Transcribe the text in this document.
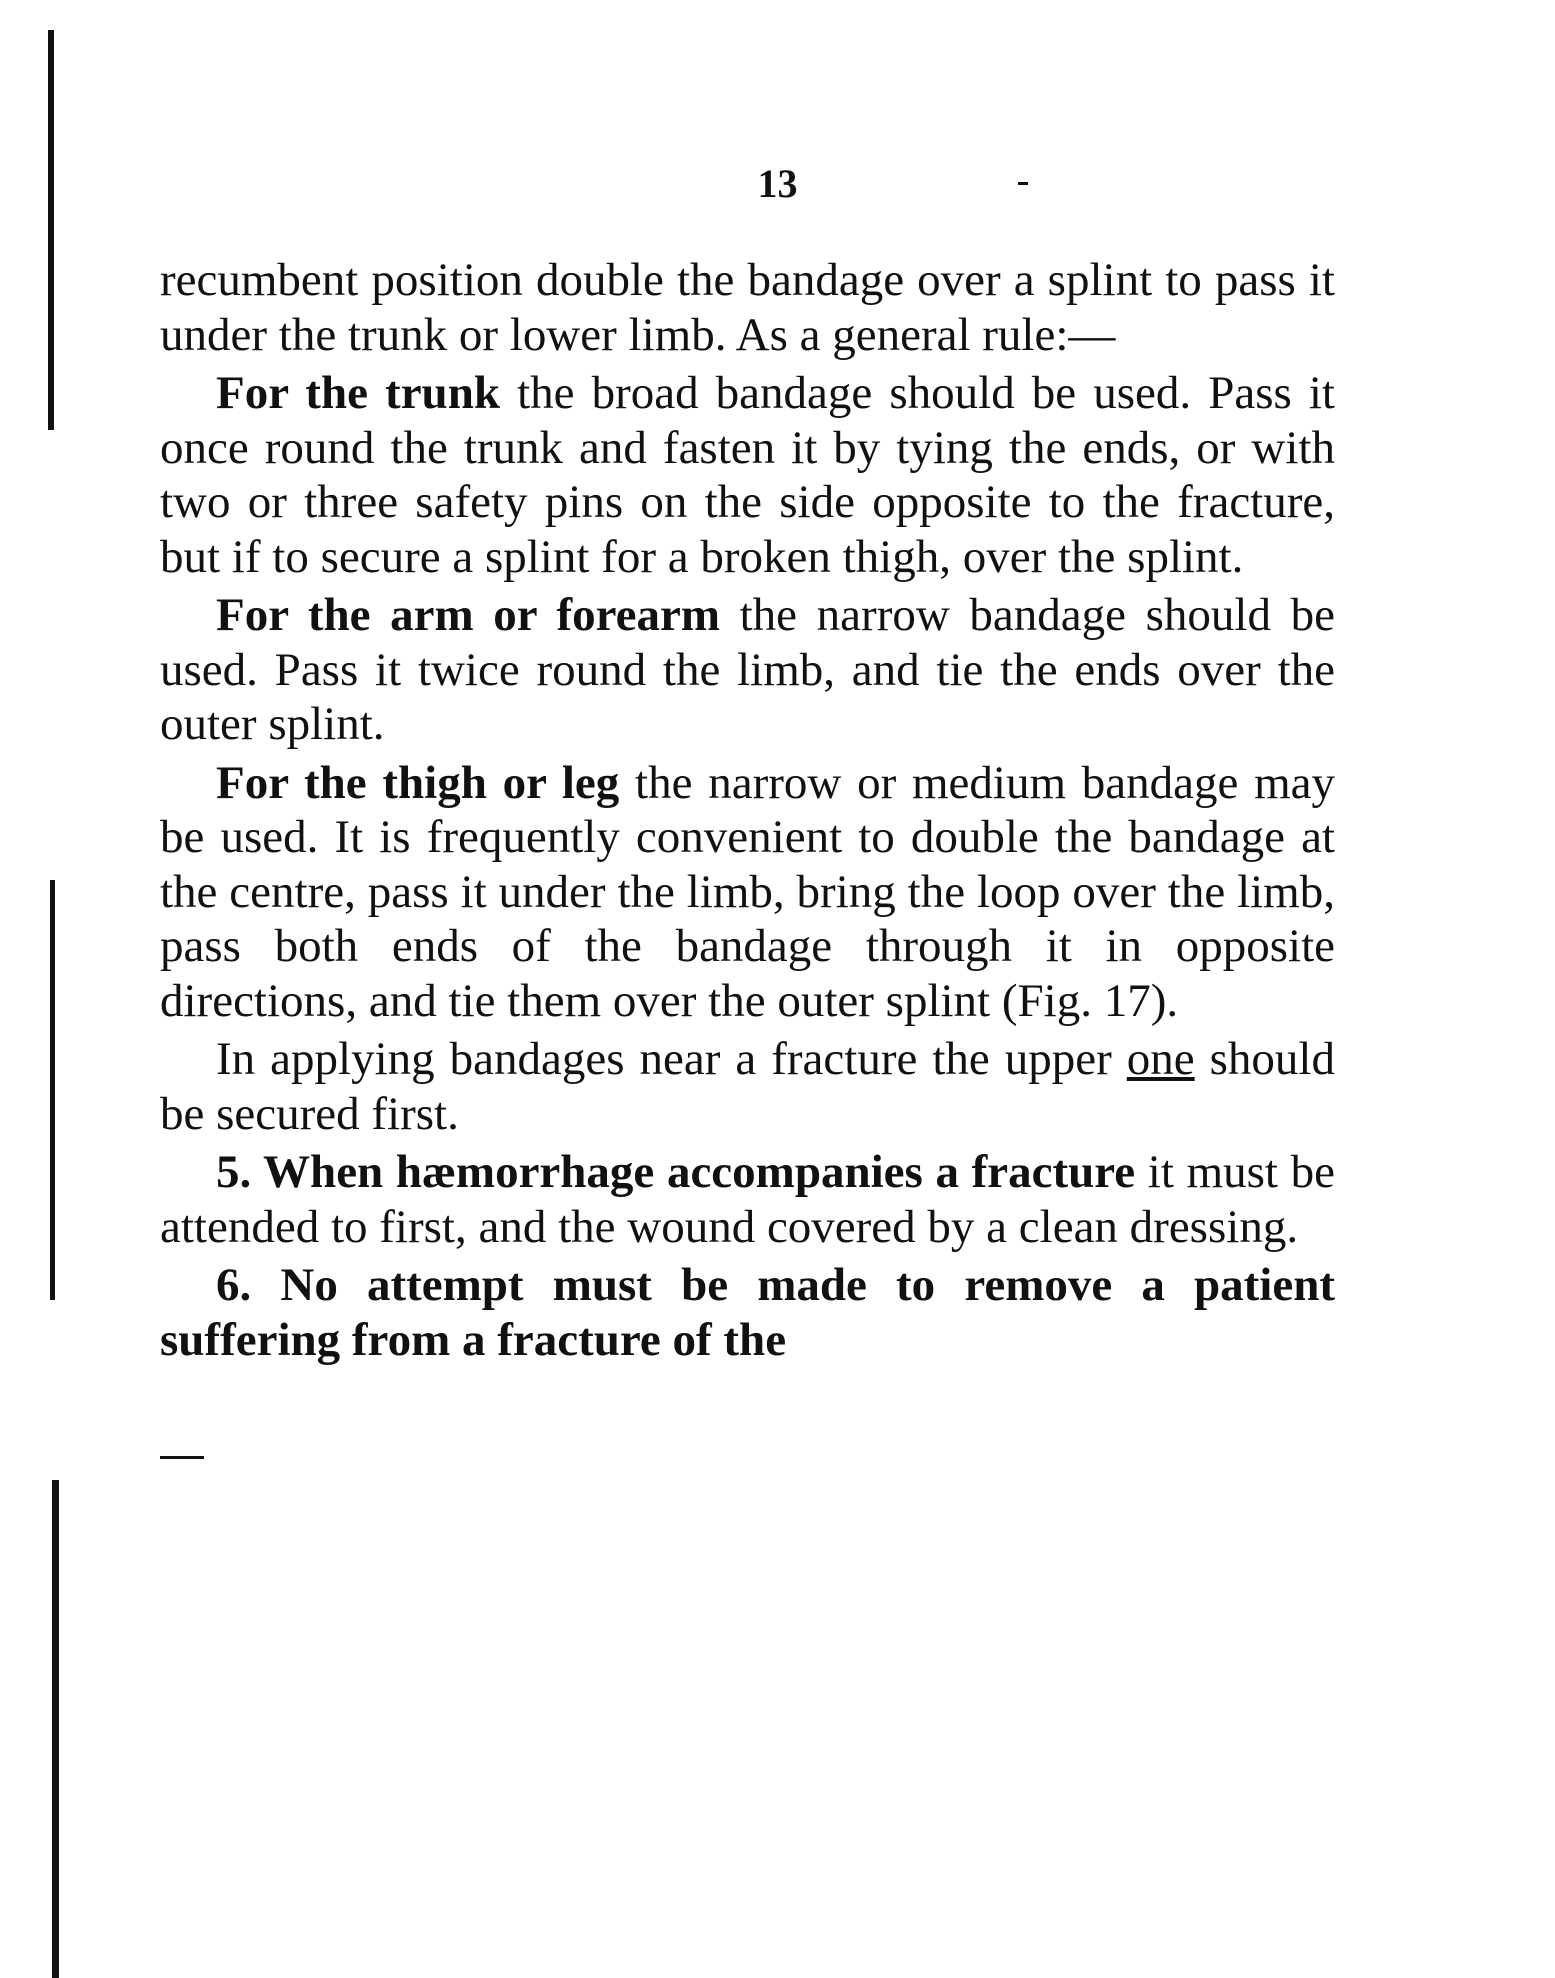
13

recumbent position double the bandage over a splint to pass it under the trunk or lower limb. As a general rule:—

For the trunk the broad bandage should be used. Pass it once round the trunk and fasten it by tying the ends, or with two or three safety pins on the side opposite to the fracture, but if to secure a splint for a broken thigh, over the splint.

For the arm or forearm the narrow bandage should be used. Pass it twice round the limb, and tie the ends over the outer splint.

For the thigh or leg the narrow or medium bandage may be used. It is frequently convenient to double the bandage at the centre, pass it under the limb, bring the loop over the limb, pass both ends of the bandage through it in opposite directions, and tie them over the outer splint (Fig. 17).

In applying bandages near a fracture the upper one should be secured first.

5. When hæmorrhage accompanies a fracture it must be attended to first, and the wound covered by a clean dressing.

6. No attempt must be made to remove a patient suffering from a fracture of the
